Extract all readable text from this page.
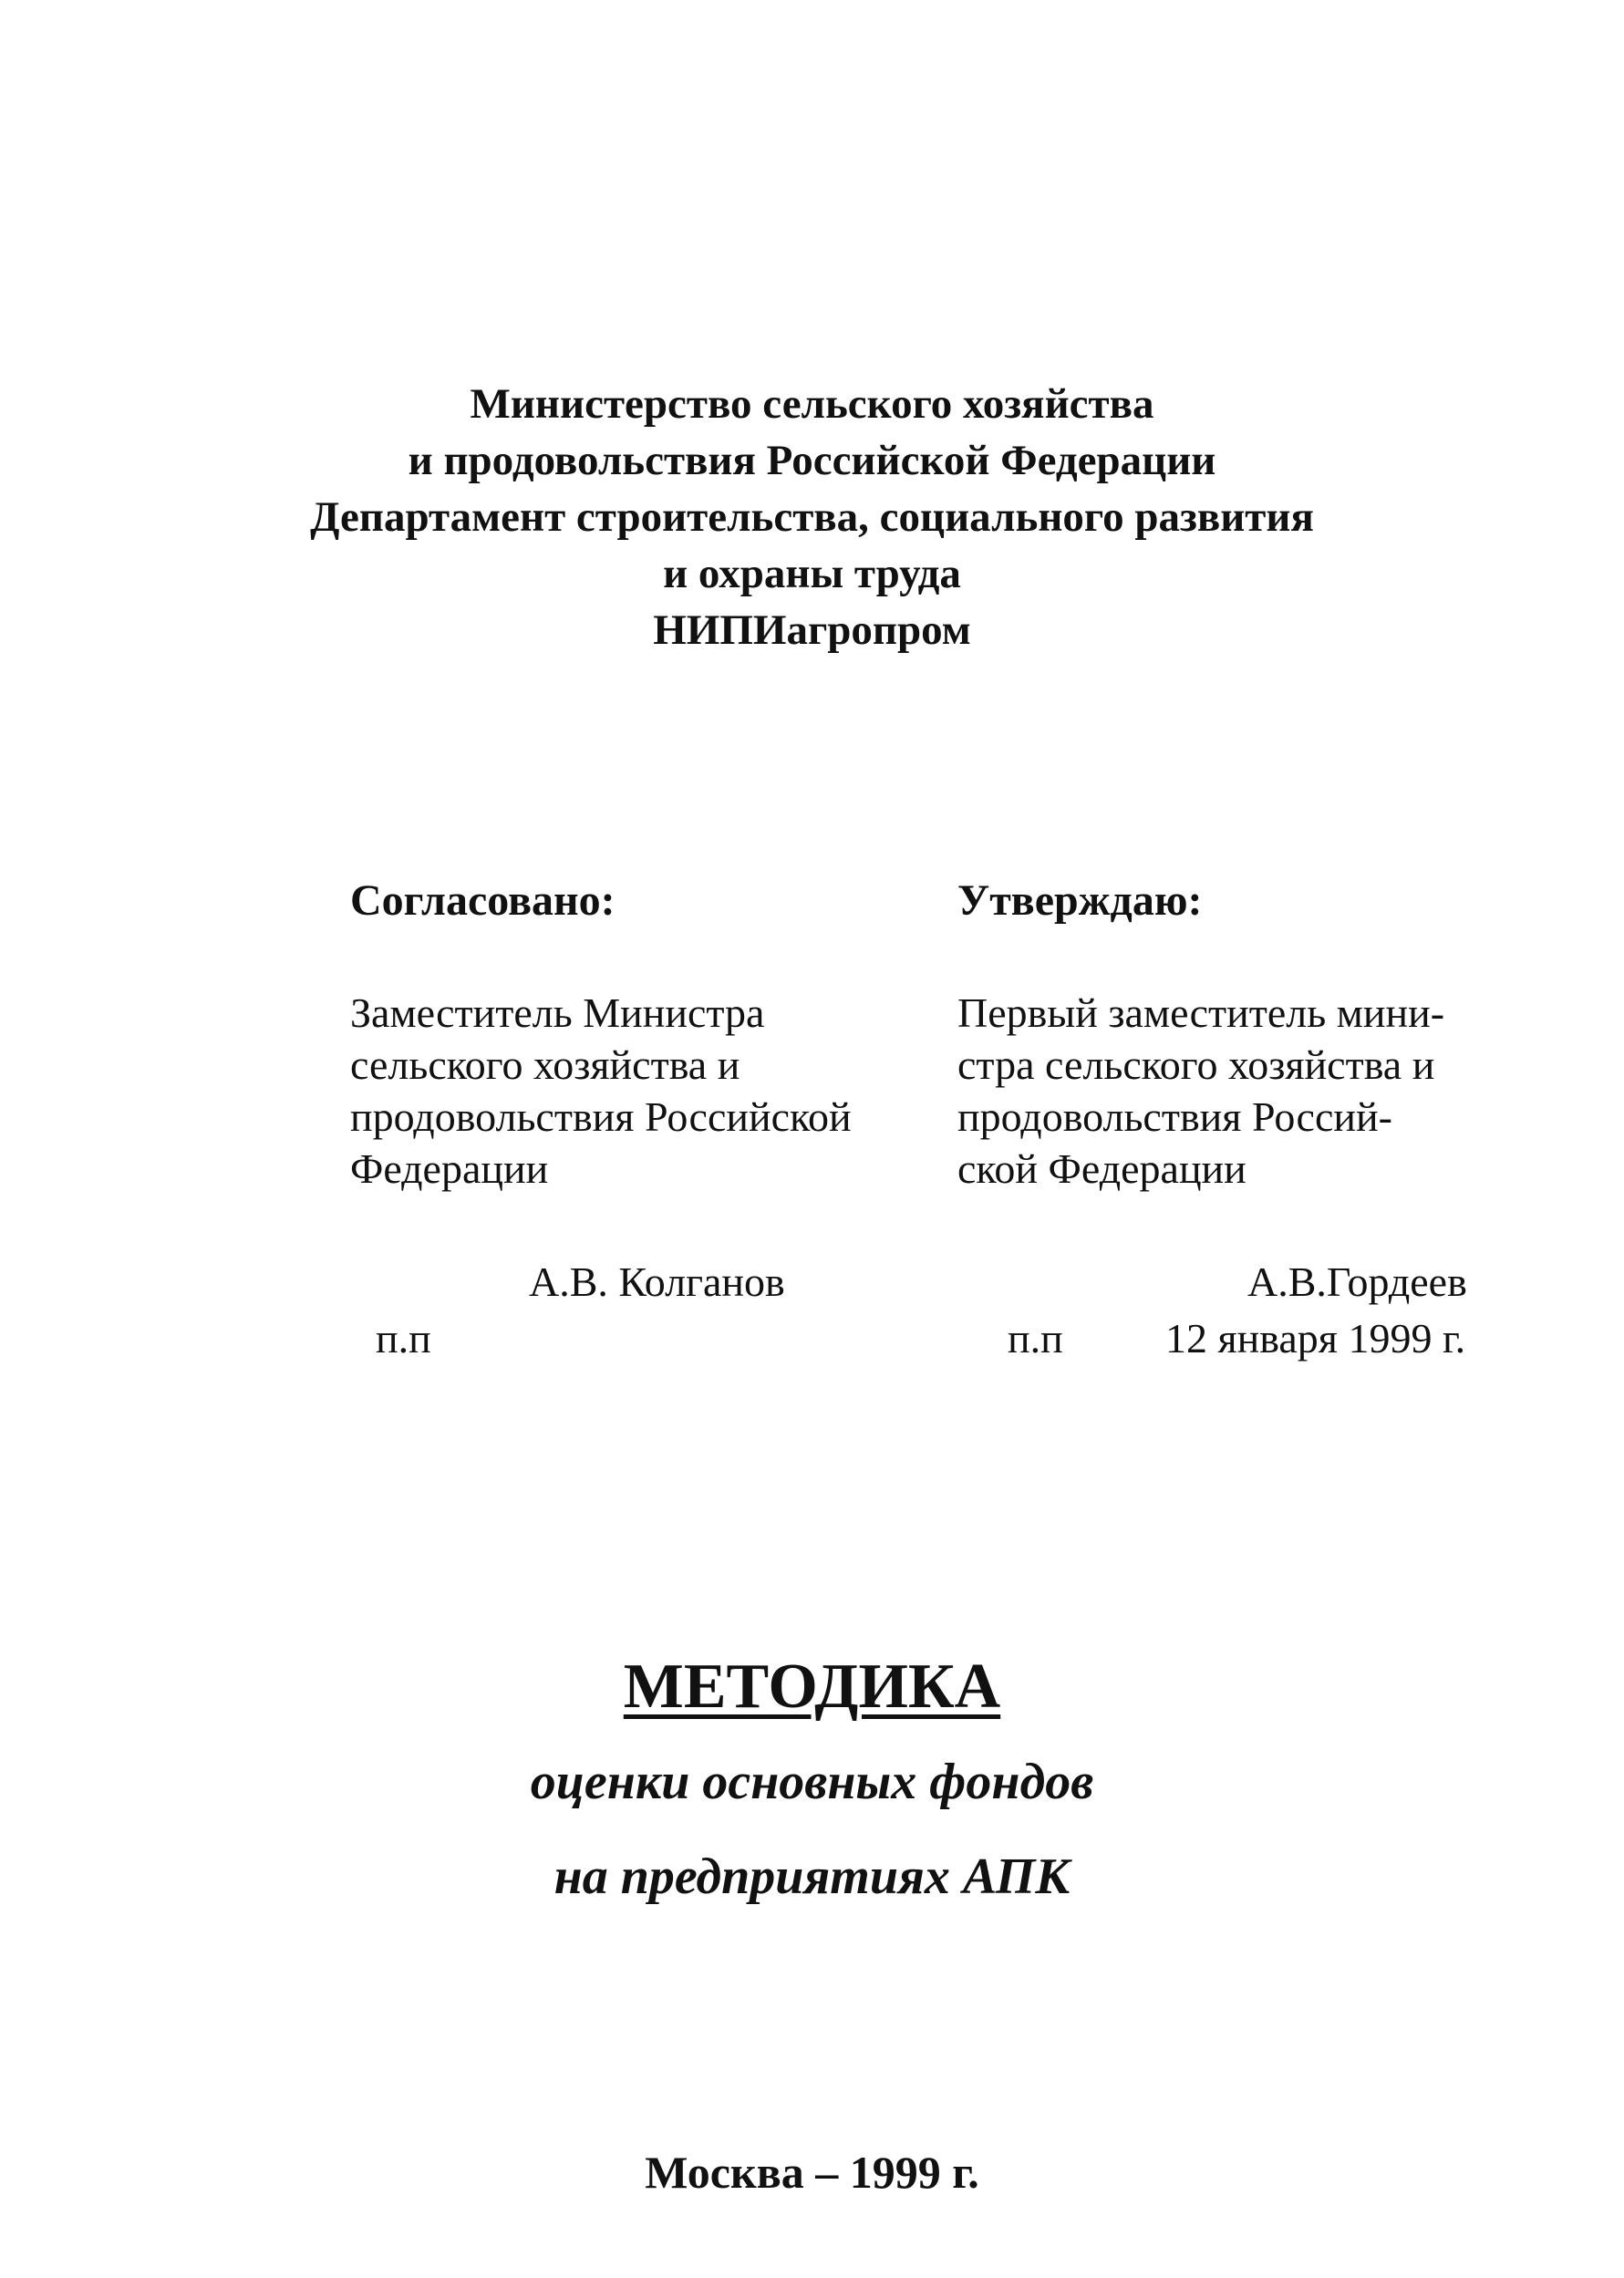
Министерство сельского хозяйства
и продовольствия Российской Федерации
Департамент строительства, социального развития
и охраны труда
НИПИагропром
Согласовано:
Заместитель Министра
сельского хозяйства и
продовольствия Российской
Федерации
А.В. Колганов
п.п
Утверждаю:
Первый заместитель мини-
стра сельского хозяйства и
продовольствия Россий-
ской Федерации
А.В.Гордеев
п.п 12 января 1999 г.
МЕТОДИКА
оценки основных фондов
на предприятиях АПК
Москва – 1999 г.
